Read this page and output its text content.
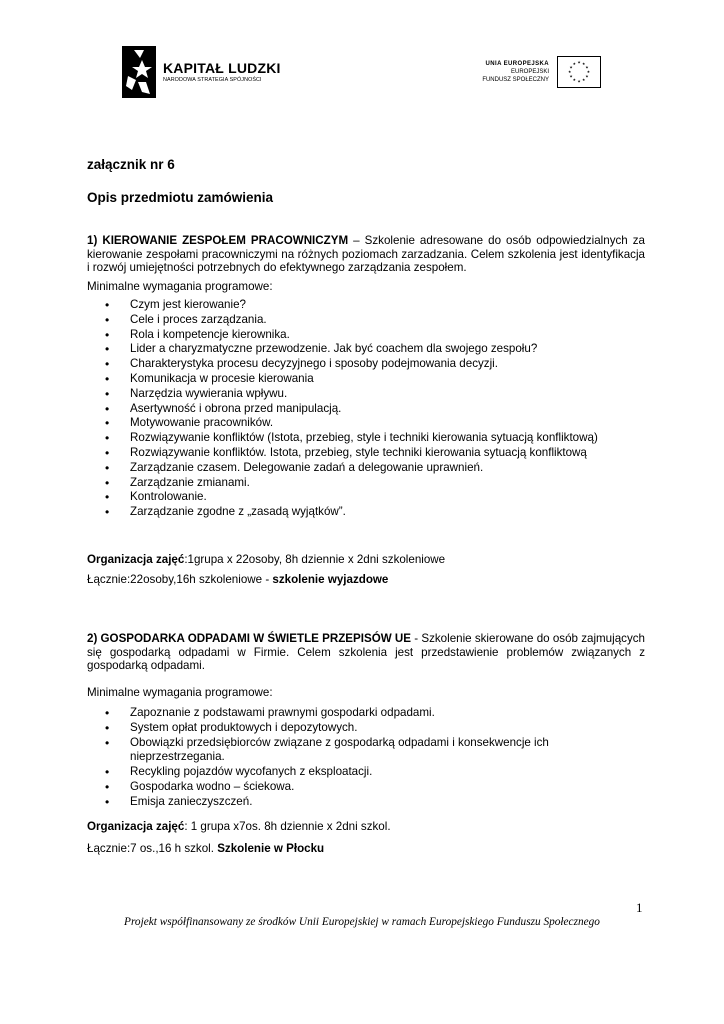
KAPITAŁ LUDZKI
NARODOWA STRATEGIA SPÓJNOŚCI
UNIA EUROPEJSKA
EUROPEJSKI
FUNDUSZ SPOŁECZNY
★ ★
★
★
★
★
★
★
★
★
★
★
załącznik nr 6
Opis przedmiotu zamówienia
1) KIEROWANIE ZESPOŁEM PRACOWNICZYM – Szkolenie adresowane do osób odpowiedzialnych za kierowanie zespołami pracowniczymi na różnych poziomach zarzadzania. Celem szkolenia jest identyfikacja i rozwój umiejętności potrzebnych do efektywnego zarządzania zespołem.
Minimalne wymagania programowe:
• Czym jest kierowanie?
• Cele i proces zarządzania.
• Rola i kompetencje kierownika.
• Lider a charyzmatyczne przewodzenie. Jak być coachem dla swojego zespołu?
• Charakterystyka procesu decyzyjnego i sposoby podejmowania decyzji.
• Komunikacja w procesie kierowania
• Narzędzia wywierania wpływu.
• Asertywność i obrona przed manipulacją.
• Motywowanie pracowników.
• Rozwiązywanie konfliktów (Istota, przebieg, style i techniki kierowania sytuacją konfliktową)
• Rozwiązywanie konfliktów. Istota, przebieg, style techniki kierowania sytuacją konfliktową
• Zarządzanie czasem. Delegowanie zadań a delegowanie uprawnień.
• Zarządzanie zmianami.
• Kontrolowanie.
• Zarządzanie zgodne z „zasadą wyjątków”.
Organizacja zajęć:1grupa x 22osoby, 8h dziennie x 2dni szkoleniowe
Łącznie:22osoby,16h szkoleniowe - szkolenie wyjazdowe
2) GOSPODARKA ODPADAMI W ŚWIETLE PRZEPISÓW UE - Szkolenie skierowane do osób zajmujących się gospodarką odpadami w Firmie. Celem szkolenia jest przedstawienie problemów związanych z gospodarką odpadami.
Minimalne wymagania programowe:
• Zapoznanie z podstawami prawnymi gospodarki odpadami.
• System opłat produktowych i depozytowych.
• Obowiązki przedsiębiorców związane z gospodarką odpadami i konsekwencje ich nieprzestrzegania.
• Recykling pojazdów wycofanych z eksploatacji.
• Gospodarka wodno – ściekowa.
• Emisja zanieczyszczeń.
Organizacja zajęć: 1 grupa x7os. 8h dziennie x 2dni szkol.
Łącznie:7 os.,16 h szkol. Szkolenie w Płocku
1
Projekt współfinansowany ze środków Unii Europejskiej w ramach Europejskiego Funduszu Społecznego
